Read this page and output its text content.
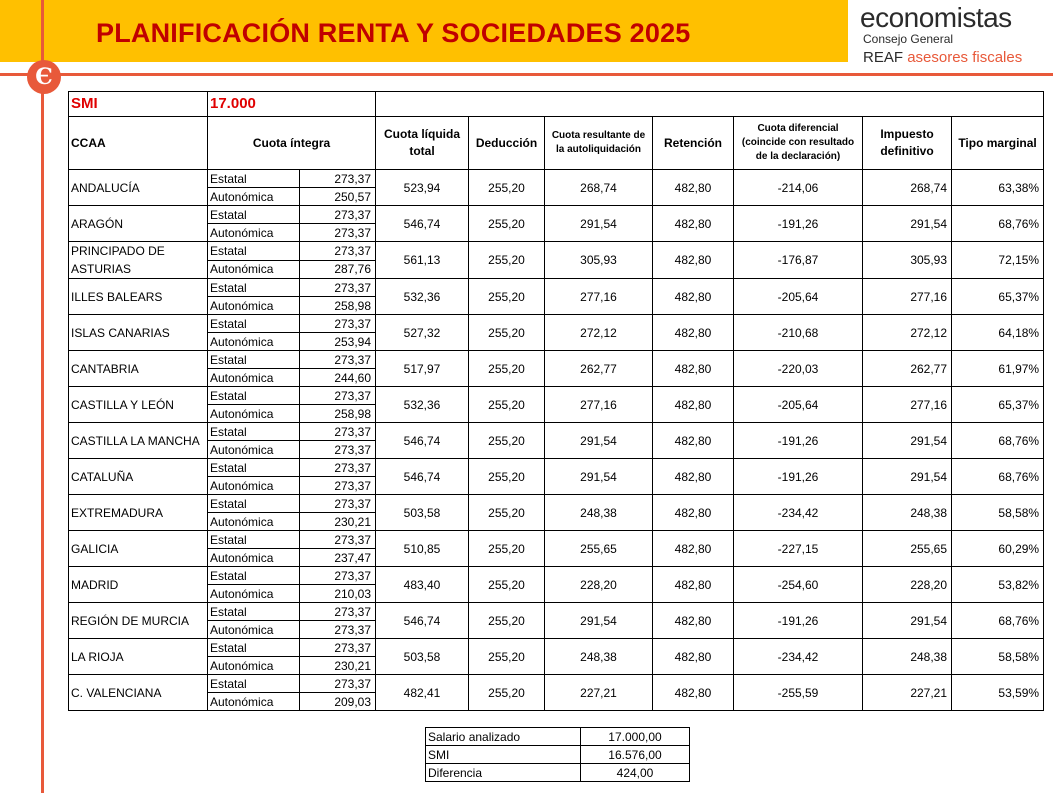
PLANIFICACIÓN RENTA Y SOCIEDADES 2025
Є
economistas
Consejo General
REAF asesores fiscales
SMI	17.000								
CCAA	Cuota íntegra		Cuota líquida total	Deducción	Cuota resultante de la autoliquidación	Retención	Cuota diferencial (coincide con resultado de la declaración)	Impuesto definitivo	Tipo marginal
ANDALUCÍA	Estatal	273,37	523,94	255,20	268,74	482,80	-214,06	268,74	63,38%
	Autonómica	250,57							
ARAGÓN	Estatal	273,37	546,74	255,20	291,54	482,80	-191,26	291,54	68,76%
	Autonómica	273,37							
PRINCIPADO DE ASTURIAS	Estatal	273,37	561,13	255,20	305,93	482,80	-176,87	305,93	72,15%
	Autonómica	287,76							
ILLES BALEARS	Estatal	273,37	532,36	255,20	277,16	482,80	-205,64	277,16	65,37%
	Autonómica	258,98							
ISLAS CANARIAS	Estatal	273,37	527,32	255,20	272,12	482,80	-210,68	272,12	64,18%
	Autonómica	253,94							
CANTABRIA	Estatal	273,37	517,97	255,20	262,77	482,80	-220,03	262,77	61,97%
	Autonómica	244,60							
CASTILLA Y LEÓN	Estatal	273,37	532,36	255,20	277,16	482,80	-205,64	277,16	65,37%
	Autonómica	258,98							
CASTILLA LA MANCHA	Estatal	273,37	546,74	255,20	291,54	482,80	-191,26	291,54	68,76%
	Autonómica	273,37							
CATALUÑA	Estatal	273,37	546,74	255,20	291,54	482,80	-191,26	291,54	68,76%
	Autonómica	273,37							
EXTREMADURA	Estatal	273,37	503,58	255,20	248,38	482,80	-234,42	248,38	58,58%
	Autonómica	230,21							
GALICIA	Estatal	273,37	510,85	255,20	255,65	482,80	-227,15	255,65	60,29%
	Autonómica	237,47							
MADRID	Estatal	273,37	483,40	255,20	228,20	482,80	-254,60	228,20	53,82%
	Autonómica	210,03							
REGIÓN DE MURCIA	Estatal	273,37	546,74	255,20	291,54	482,80	-191,26	291,54	68,76%
	Autonómica	273,37							
LA RIOJA	Estatal	273,37	503,58	255,20	248,38	482,80	-234,42	248,38	58,58%
	Autonómica	230,21							
C. VALENCIANA	Estatal	273,37	482,41	255,20	227,21	482,80	-255,59	227,21	53,59%
	Autonómica	209,03							
Salario analizado	17.000,00
SMI	16.576,00
Diferencia	424,00
